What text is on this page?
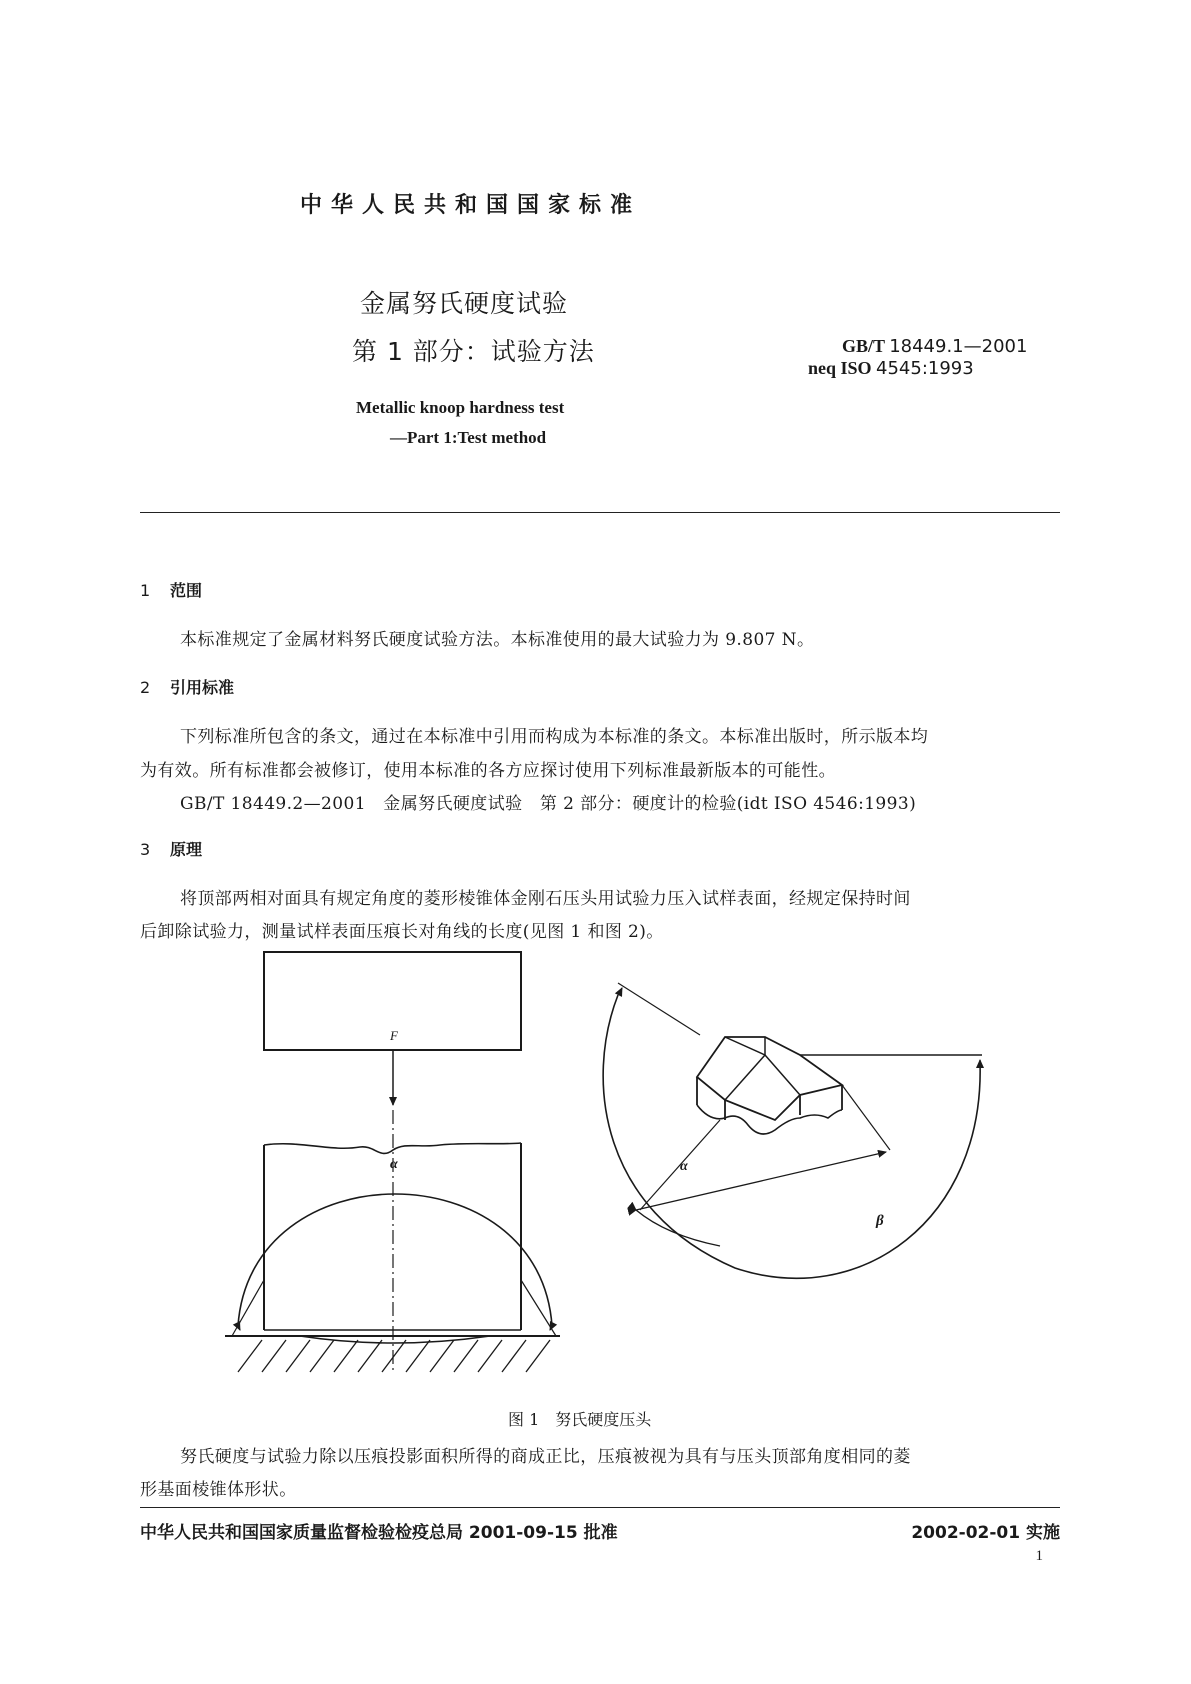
中华人民共和国国家标准
金属努氏硬度试验
第 1 部分：试验方法	GB/T 18449.1—2001
neq ISO 4545:1993
Metallic knoop hardness test
—Part 1:Test method
1 范围
本标准规定了金属材料努氏硬度试验方法。本标准使用的最大试验力为 9.807 N。
2 引用标准
下列标准所包含的条文，通过在本标准中引用而构成为本标准的条文。本标准出版时，所示版本均
为有效。所有标准都会被修订，使用本标准的各方应探讨使用下列标准最新版本的可能性。
GB/T 18449.2—2001　金属努氏硬度试验　第 2 部分：硬度计的检验(idt ISO 4546:1993)
3 原理
将顶部两相对面具有规定角度的菱形棱锥体金刚石压头用试验力压入试样表面，经规定保持时间
后卸除试验力，测量试样表面压痕长对角线的长度(见图 1 和图 2)。
F
α	α
β
图 1　努氏硬度压头
努氏硬度与试验力除以压痕投影面积所得的商成正比，压痕被视为具有与压头顶部角度相同的菱
形基面棱锥体形状。
中华人民共和国国家质量监督检验检疫总局 2001-09-15 批准	2002-02-01 实施
1
